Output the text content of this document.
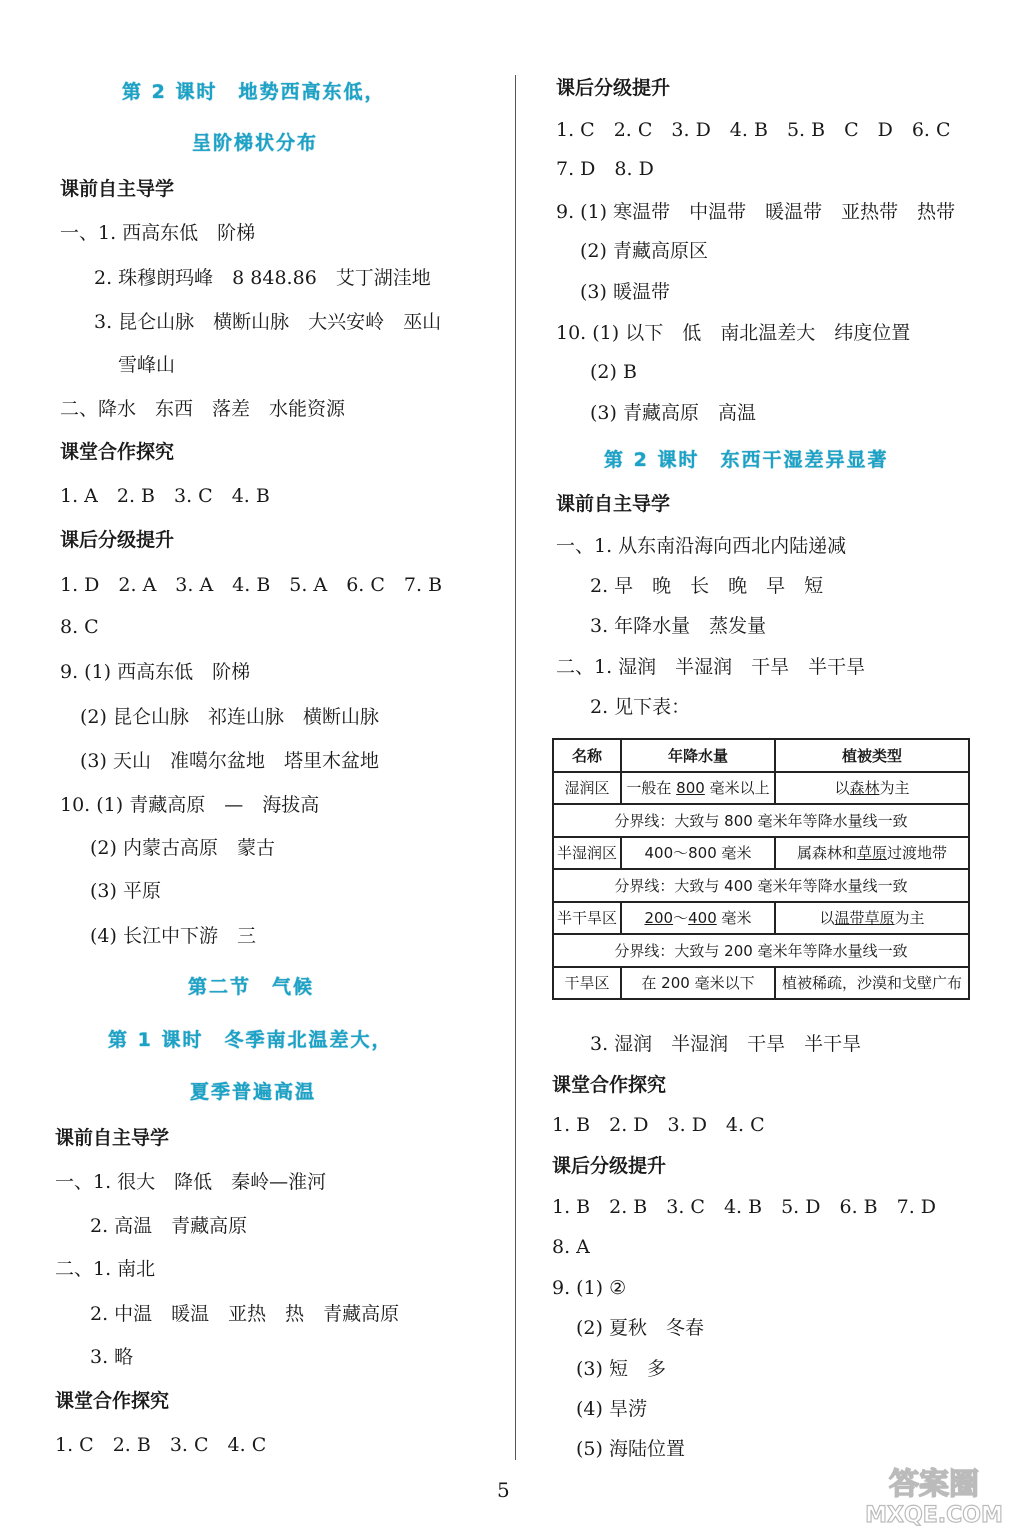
第 2 课时　地势西高东低，
呈阶梯状分布
课前自主导学
一、1. 西高东低　阶梯
2. 珠穆朗玛峰　8 848.86　艾丁湖洼地
3. 昆仑山脉　横断山脉　大兴安岭　巫山
雪峰山
二、降水　东西　落差　水能资源
课堂合作探究
1. A　2. B　3. C　4. B
课后分级提升
1. D　2. A　3. A　4. B　5. A　6. C　7. B
8. C
9. (1) 西高东低　阶梯
(2) 昆仑山脉　祁连山脉　横断山脉
(3) 天山　准噶尔盆地　塔里木盆地
10. (1) 青藏高原　—　海拔高
(2) 内蒙古高原　蒙古
(3) 平原
(4) 长江中下游　三
第二节　气候
第 1 课时　冬季南北温差大，
夏季普遍高温
课前自主导学
一、1. 很大　降低　秦岭—淮河
2. 高温　青藏高原
二、1. 南北
2. 中温　暖温　亚热　热　青藏高原
3. 略
课堂合作探究
1. C　2. B　3. C　4. C
课后分级提升
1. C　2. C　3. D　4. B　5. B　C　D　6. C
7. D　8. D
9. (1) 寒温带　中温带　暖温带　亚热带　热带
(2) 青藏高原区
(3) 暖温带
10. (1) 以下　低　南北温差大　纬度位置
(2) B
(3) 青藏高原　高温
第 2 课时　东西干湿差异显著
课前自主导学
一、1. 从东南沿海向西北内陆递减
2. 早　晚　长　晚　早　短
3. 年降水量　蒸发量
二、1. 湿润　半湿润　干旱　半干旱
2. 见下表：
名称	年降水量	植被类型
湿润区	一般在 800 毫米以上	以森林为主
分界线：大致与 800 毫米年等降水量线一致		
半湿润区	400～800 毫米	属森林和草原过渡地带
分界线：大致与 400 毫米年等降水量线一致		
半干旱区	200～400 毫米	以温带草原为主
分界线：大致与 200 毫米年等降水量线一致		
干旱区	在 200 毫米以下	植被稀疏，沙漠和戈壁广布
3. 湿润　半湿润　干旱　半干旱
课堂合作探究
1. B　2. D　3. D　4. C
课后分级提升
1. B　2. B　3. C　4. B　5. D　6. B　7. D
8. A
9. (1) ②
(2) 夏秋　冬春
(3) 短　多
(4) 旱涝
(5) 海陆位置
5	答案圈
MXQE.COM
